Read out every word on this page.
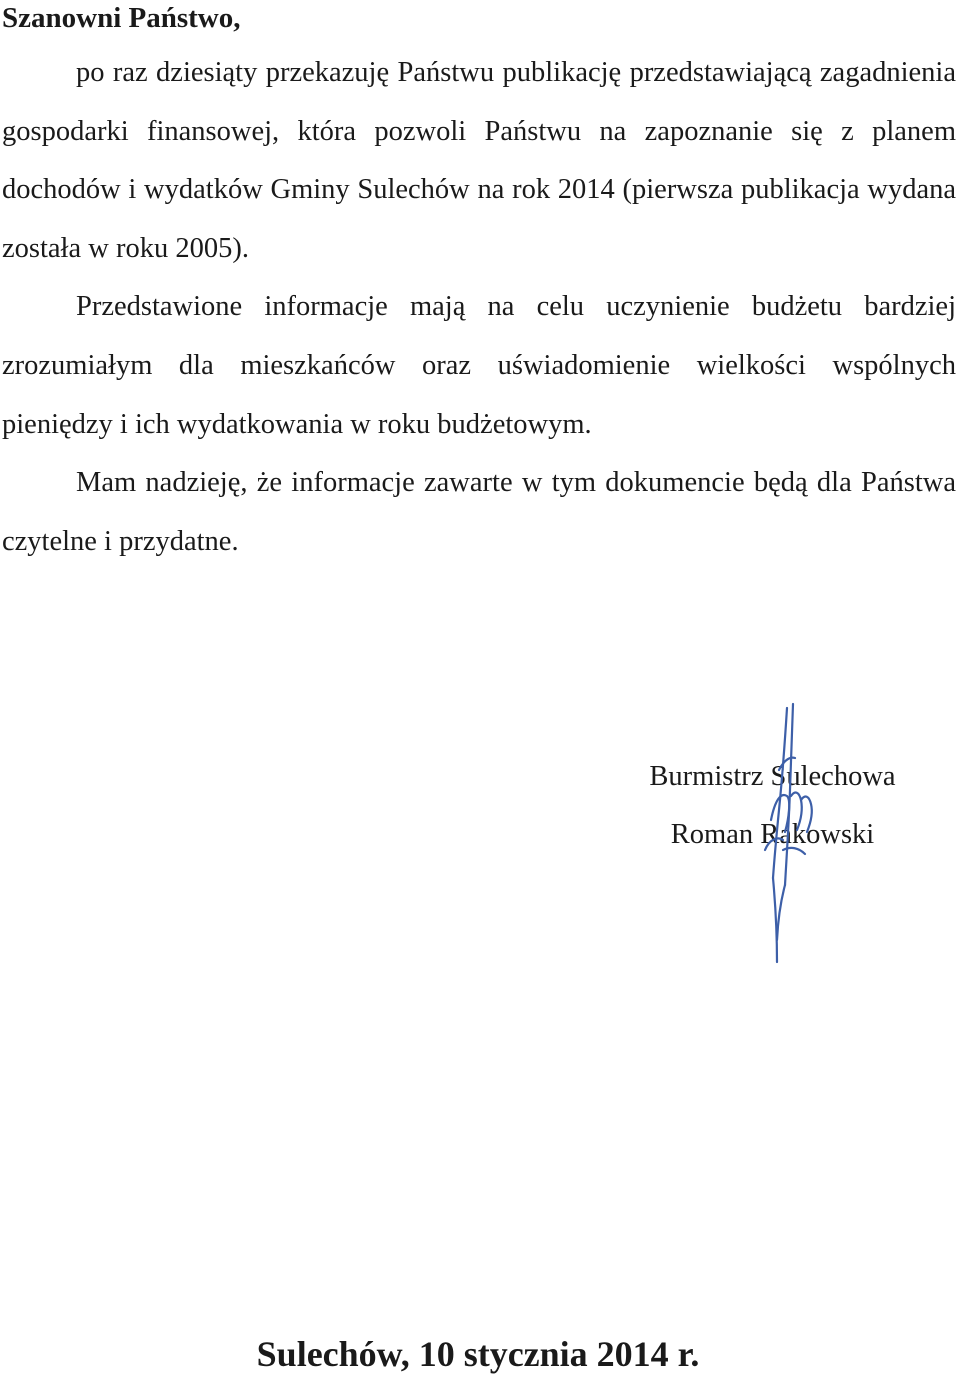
Szanowni Państwo,

po raz dziesiąty przekazuję Państwu publikację przedstawiającą zagadnienia gospodarki finansowej, która pozwoli Państwu na zapoznanie się z planem dochodów i wydatków Gminy Sulechów na rok 2014 (pierwsza publikacja wydana została w roku 2005).

Przedstawione informacje mają na celu uczynienie budżetu bardziej zrozumiałym dla mieszkańców oraz uświadomienie wielkości wspólnych pieniędzy i ich wydatkowania w roku budżetowym.

Mam nadzieję, że informacje zawarte w tym dokumencie będą dla Państwa czytelne i przydatne.

Burmistrz Sulechowa
Roman Rakowski
Sulechów, 10 stycznia 2014 r.
